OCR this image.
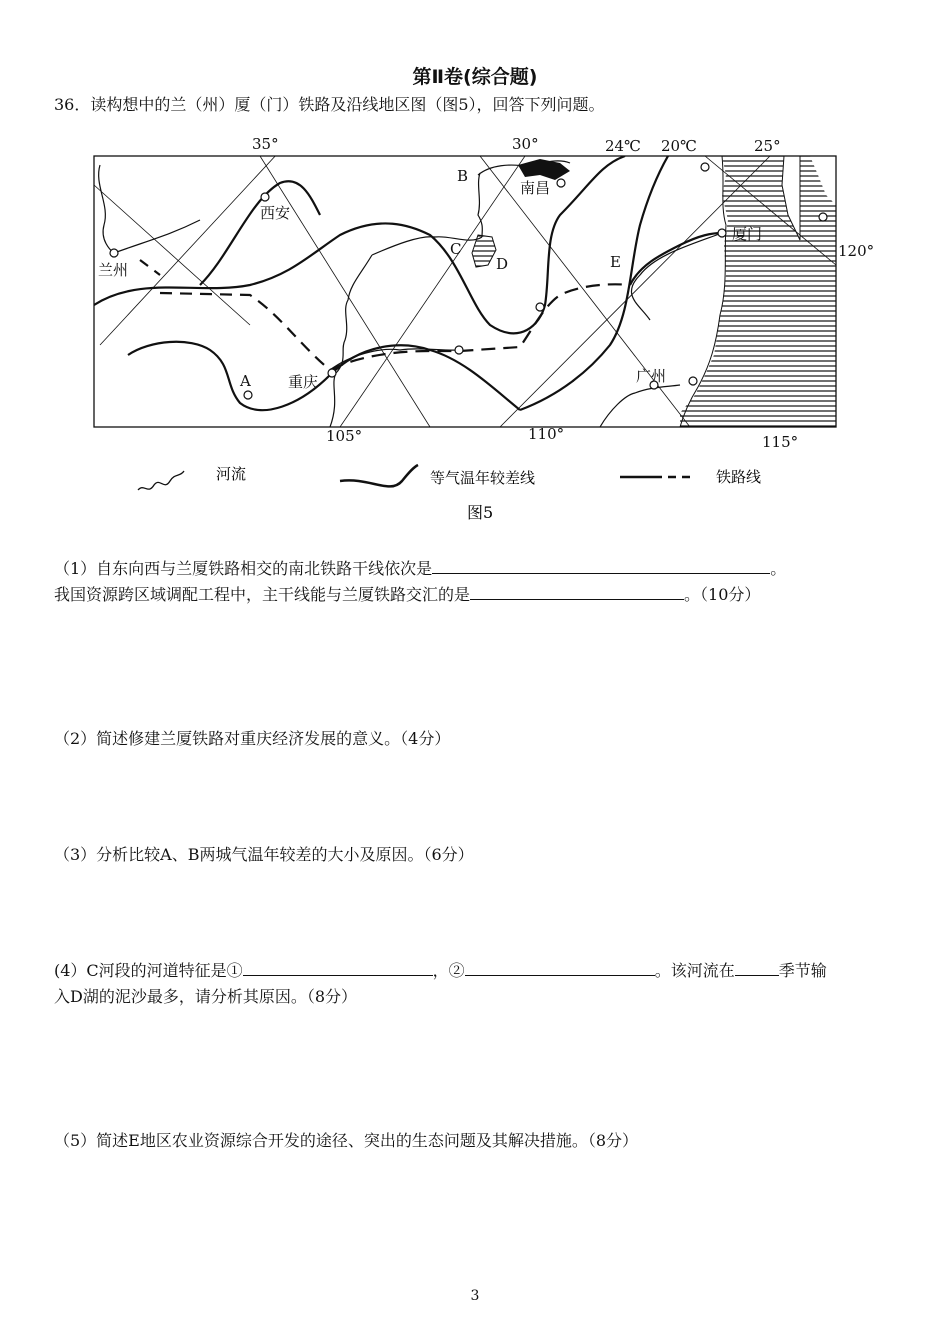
第Ⅱ卷(综合题)
36．读构想中的兰（州）厦（门）铁路及沿线地区图（图5），回答下列问题。
35°	30°	25°
24℃ 20℃
120°
105°	110°	115°
兰州
西安
重庆
南昌
厦门
广州
A
B
C
D	E
河流	等气温年较差线	铁路线
图5
（1）自东向西与兰厦铁路相交的南北铁路干线依次是	。
我国资源跨区域调配工程中，主干线能与兰厦铁路交汇的是	。（10分）
（2）简述修建兰厦铁路对重庆经济发展的意义。（4分）
（3）分析比较A、B两城气温年较差的大小及原因。（6分）
(4）C河段的河道特征是①	，②	。该河流在	季节输
入D湖的泥沙最多，请分析其原因。（8分）
（5）简述E地区农业资源综合开发的途径、突出的生态问题及其解决措施。（8分）
3
